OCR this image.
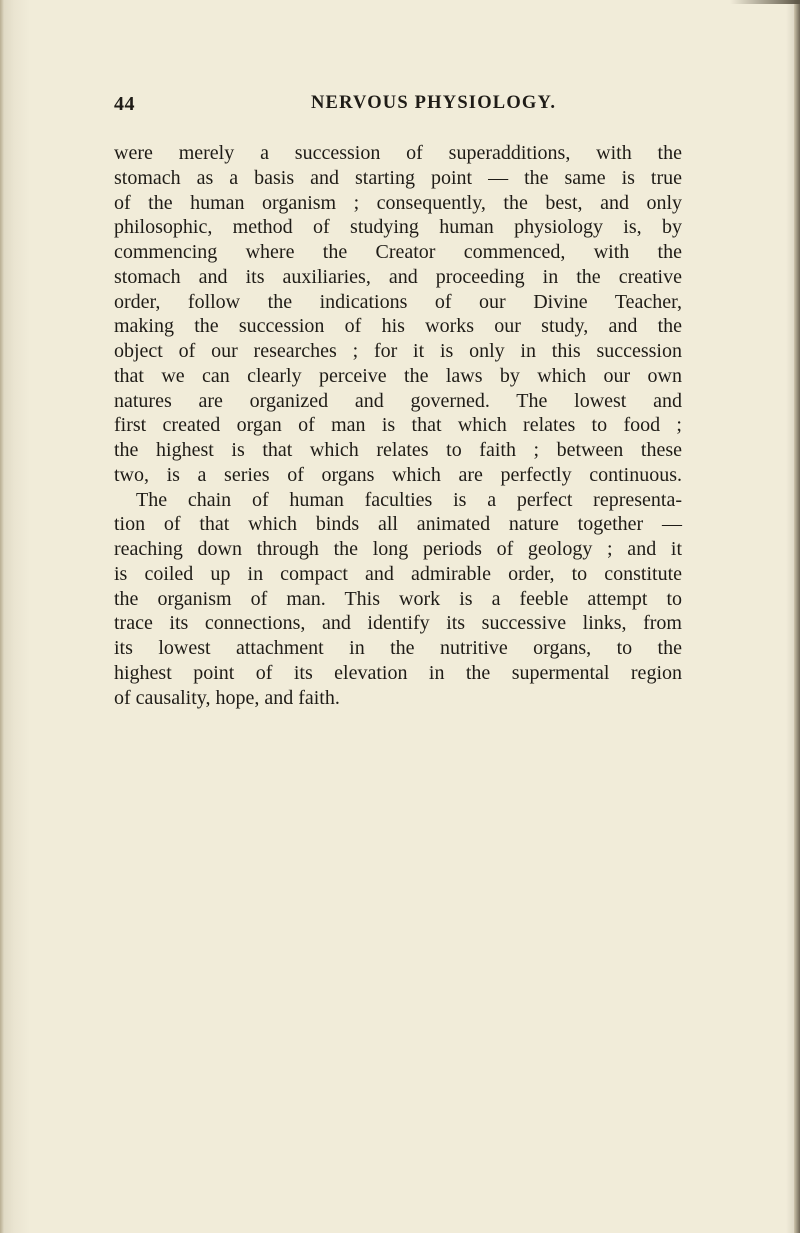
44	NERVOUS PHYSIOLOGY.
were merely a succession of superadditions, with the
stomach as a basis and starting point — the same is true
of the human organism ; consequently, the best, and only
philosophic, method of studying human physiology is, by
commencing where the Creator commenced, with the
stomach and its auxiliaries, and proceeding in the creative
order, follow the indications of our Divine Teacher,
making the succession of his works our study, and the
object of our researches ; for it is only in this succession
that we can clearly perceive the laws by which our own
natures are organized and governed. The lowest and
first created organ of man is that which relates to food ;
the highest is that which relates to faith ; between these
two, is a series of organs which are perfectly continuous.
The chain of human faculties is a perfect representa-
tion of that which binds all animated nature together —
reaching down through the long periods of geology ; and it
is coiled up in compact and admirable order, to constitute
the organism of man. This work is a feeble attempt to
trace its connections, and identify its successive links, from
its lowest attachment in the nutritive organs, to the
highest point of its elevation in the supermental region
of causality, hope, and faith.
